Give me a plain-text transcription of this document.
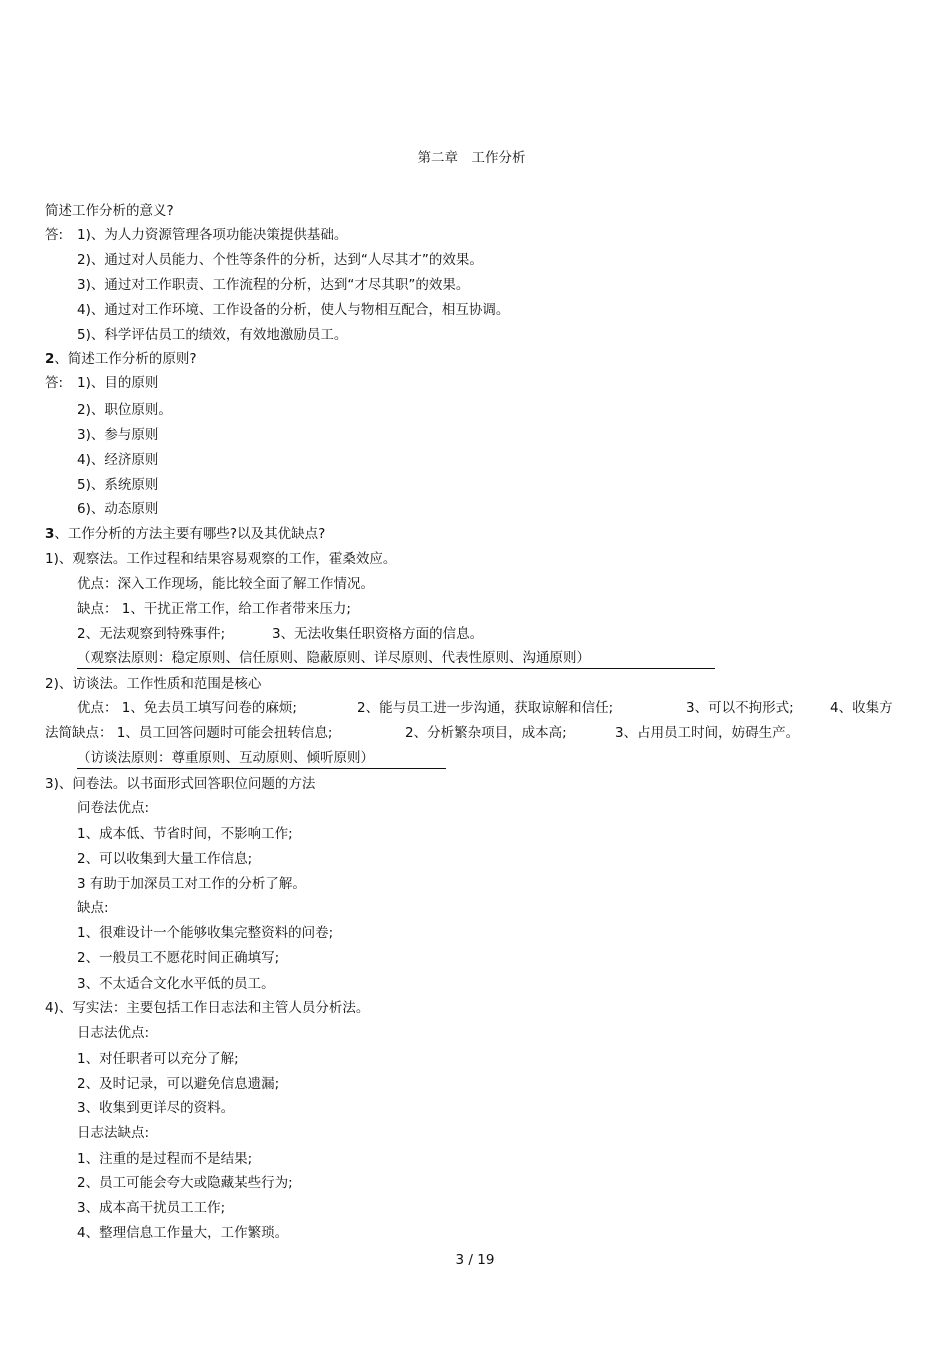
第二章　工作分析
简述工作分析的意义?
答: 1)、为人力资源管理各项功能决策提供基础。
2)、通过对人员能力、个性等条件的分析，达到“人尽其才”的效果。
3)、通过对工作职责、工作流程的分析，达到“才尽其职”的效果。
4)、通过对工作环境、工作设备的分析，使人与物相互配合，相互协调。
5)、科学评估员工的绩效，有效地激励员工。
2、简述工作分析的原则?
答: 1)、目的原则
2)、职位原则。
3)、参与原则
4)、经济原则
5)、系统原则
6)、动态原则
3、工作分析的方法主要有哪些?以及其优缺点?
1)、观察法。工作过程和结果容易观察的工作，霍桑效应。
优点：深入工作现场，能比较全面了解工作情况。
缺点： 1、干扰正常工作，给工作者带来压力;
2、无法观察到特殊事件;	3、无法收集任职资格方面的信息。
（观察法原则：稳定原则、信任原则、隐蔽原则、详尽原则、代表性原则、沟通原则）
2)、访谈法。工作性质和范围是核心
优点： 1、免去员工填写问卷的麻烦;	2、能与员工进一步沟通，获取谅解和信任;	3、可以不拘形式;	4、收集方
法简缺点： 1、员工回答问题时可能会扭转信息;	2、分析繁杂项目，成本高;	3、占用员工时间，妨碍生产。
（访谈法原则：尊重原则、互动原则、倾听原则）
3)、问卷法。以书面形式回答职位问题的方法
问卷法优点:
1、成本低、节省时间，不影响工作;
2、可以收集到大量工作信息;
3 有助于加深员工对工作的分析了解。
缺点:
1、很难设计一个能够收集完整资料的问卷;
2、一般员工不愿花时间正确填写;
3、不太适合文化水平低的员工。
4)、写实法：主要包括工作日志法和主管人员分析法。
日志法优点:
1、对任职者可以充分了解;
2、及时记录，可以避免信息遗漏;
3、收集到更详尽的资料。
日志法缺点:
1、注重的是过程而不是结果;
2、员工可能会夸大或隐藏某些行为;
3、成本高干扰员工工作;
4、整理信息工作量大，工作繁琐。
3 / 19
